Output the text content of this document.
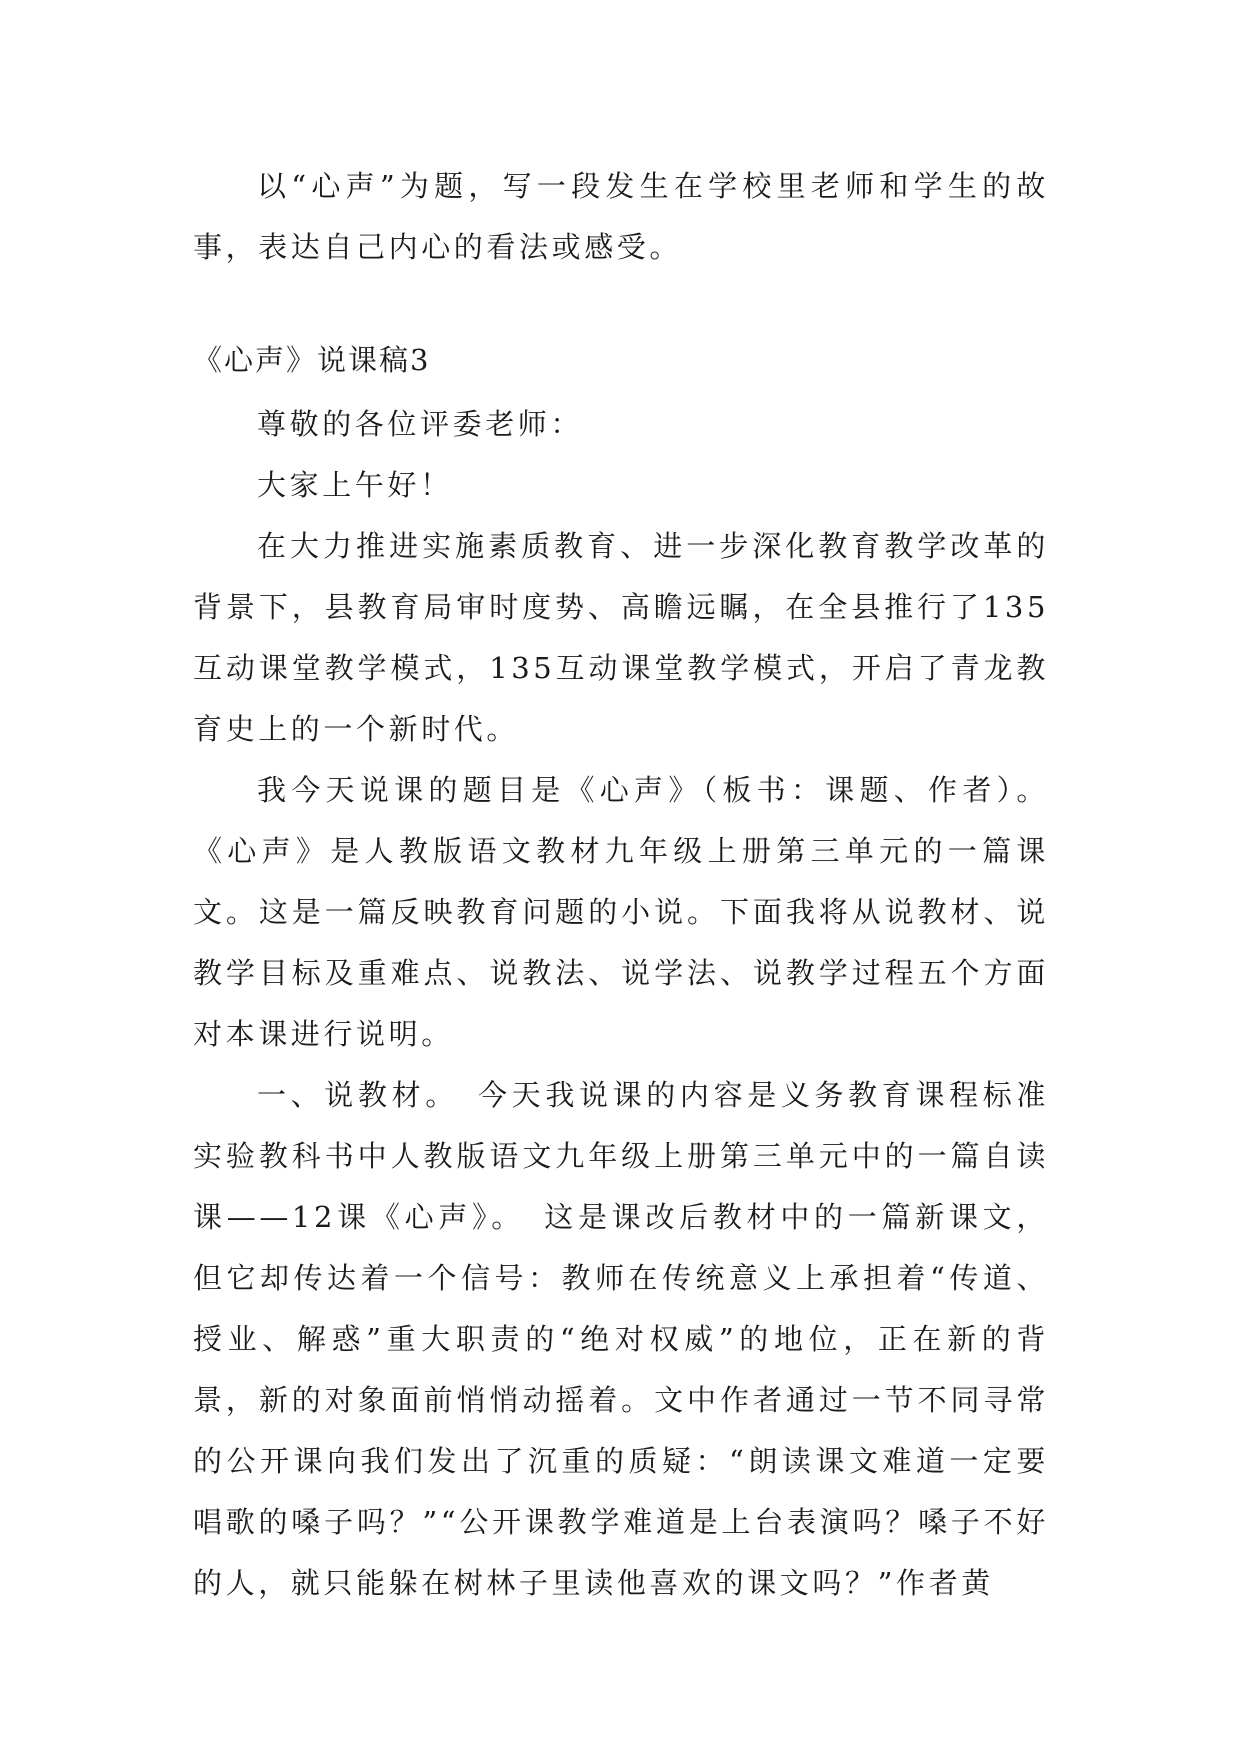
以“心声”为题，写一段发生在学校里老师和学生的故事，表达自己内心的看法或感受。

《心声》说课稿3

尊敬的各位评委老师：

大家上午好！

在大力推进实施素质教育、进一步深化教育教学改革的背景下，县教育局审时度势、高瞻远瞩，在全县推行了135互动课堂教学模式，135互动课堂教学模式，开启了青龙教育史上的一个新时代。

我今天说课的题目是《心声》（板书：课题、作者）。《心声》是人教版语文教材九年级上册第三单元的一篇课文。这是一篇反映教育问题的小说。下面我将从说教材、说教学目标及重难点、说教法、说学法、说教学过程五个方面对本课进行说明。

一、说教材。　今天我说课的内容是义务教育课程标准实验教科书中人教版语文九年级上册第三单元中的一篇自读课——12课《心声》。　这是课改后教材中的一篇新课文，但它却传达着一个信号：教师在传统意义上承担着“传道、授业、解惑”重大职责的“绝对权威”的地位，正在新的背景，新的对象面前悄悄动摇着。文中作者通过一节不同寻常的公开课向我们发出了沉重的质疑：“朗读课文难道一定要唱歌的嗓子吗？”“公开课教学难道是上台表演吗？嗓子不好的人，就只能躲在树林子里读他喜欢的课文吗？”作者黄
